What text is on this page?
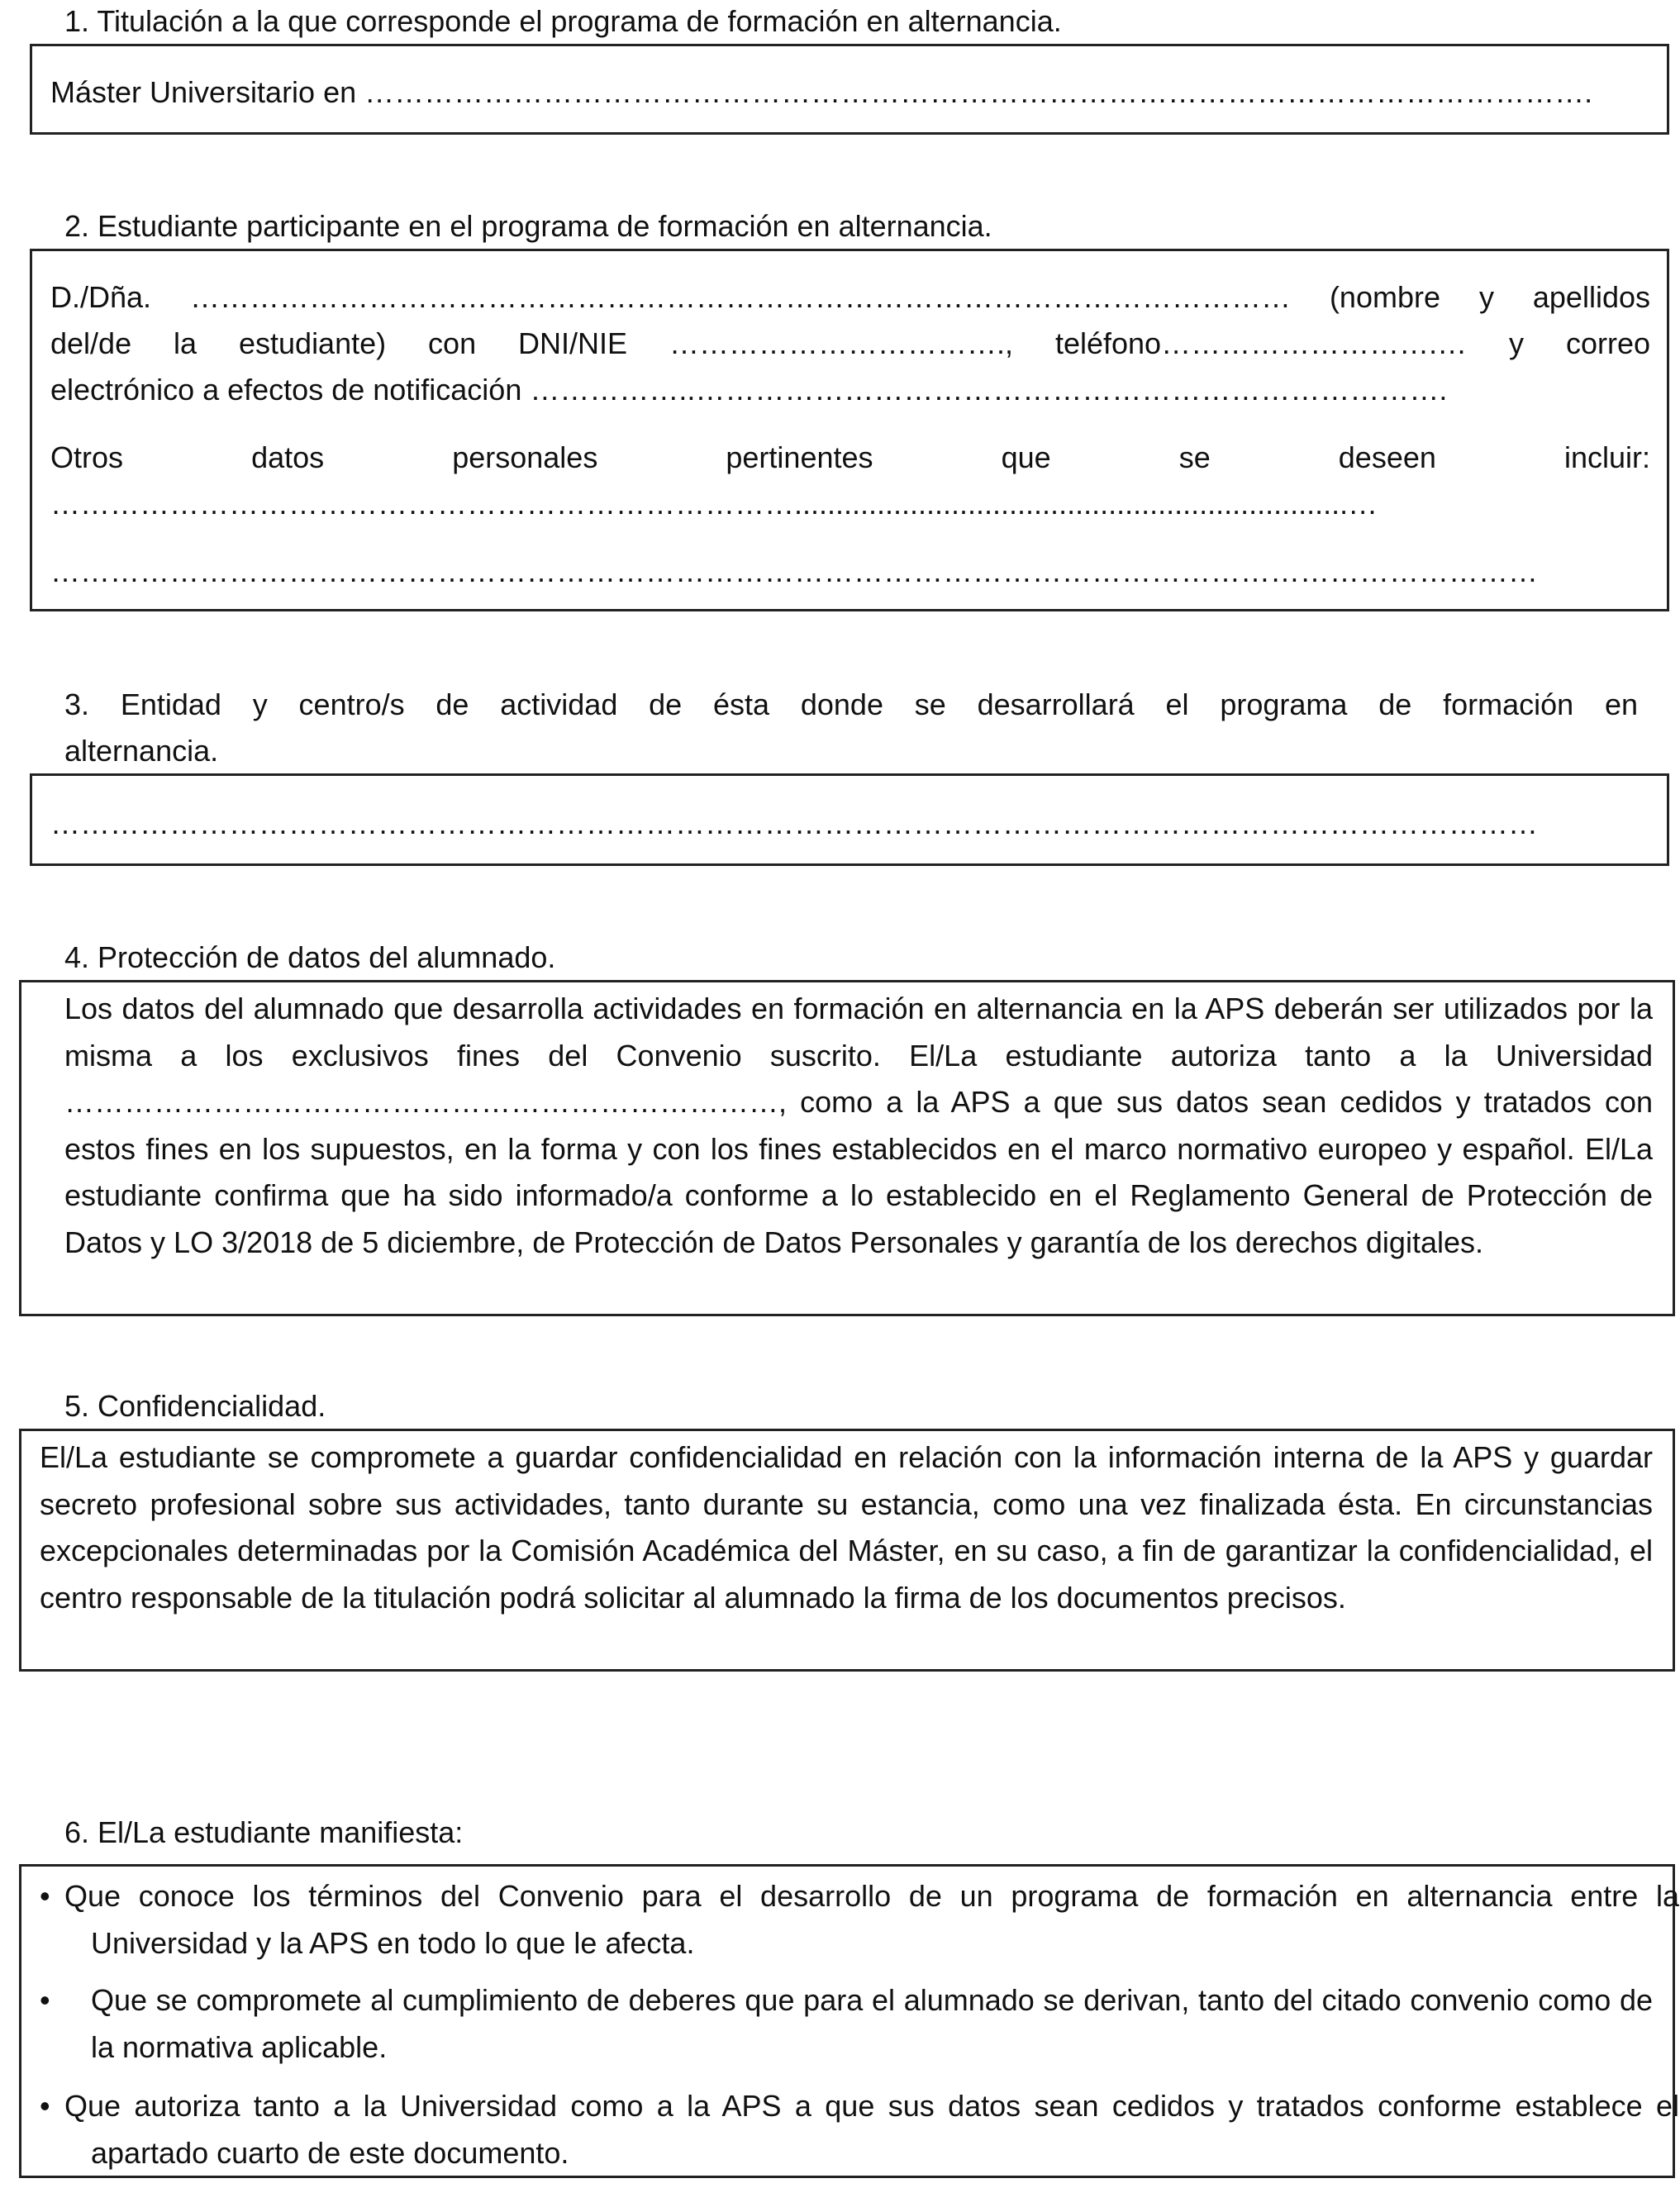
1. Titulación a la que corresponde el programa de formación en alternancia.
Máster Universitario en …………………………………………………………………………………………………………….
2. Estudiante participante en el programa de formación en alternancia.
D./Dña. ………………………………………………………………………………………………… (nombre y apellidos
del/de la estudiante) con DNI/NIE ……………………………., teléfono……………………….… y correo
electrónico a efectos de notificación ……………..………………………………………………………………….
Otros datos personales pertinentes que se deseen incluir:
…………………………………………………………………...................................................................…
……………………………………………………………………………………………………………………………………
3. Entidad y centro/s de actividad de ésta donde se desarrollará el programa de formación en
alternancia.
……………………………………………………………………………………………………………………………………
4. Protección de datos del alumnado.
Los datos del alumnado que desarrolla actividades en formación en alternancia en la APS deberán ser utilizados por la misma a los exclusivos fines del Convenio suscrito. El/La estudiante autoriza tanto a la Universidad ………………………………………………………………, como a la APS a que sus datos sean cedidos y tratados con estos fines en los supuestos, en la forma y con los fines establecidos en el marco normativo europeo y español. El/La estudiante confirma que ha sido informado/a conforme a lo establecido en el Reglamento General de Protección de Datos y LO 3/2018 de 5 diciembre, de Protección de Datos Personales y garantía de los derechos digitales.
5. Confidencialidad.
El/La estudiante se compromete a guardar confidencialidad en relación con la información interna de la APS y guardar secreto profesional sobre sus actividades, tanto durante su estancia, como una vez finalizada ésta. En circunstancias excepcionales determinadas por la Comisión Académica del Máster, en su caso, a fin de garantizar la confidencialidad, el centro responsable de la titulación podrá solicitar al alumnado la firma de los documentos precisos.
6. El/La estudiante manifiesta:
• Que conoce los términos del Convenio para el desarrollo de un programa de formación en alternancia entre la Universidad y la APS en todo lo que le afecta.
• Que se compromete al cumplimiento de deberes que para el alumnado se derivan, tanto del citado convenio como de la normativa aplicable.
• Que autoriza tanto a la Universidad como a la APS a que sus datos sean cedidos y tratados conforme establece el apartado cuarto de este documento.
